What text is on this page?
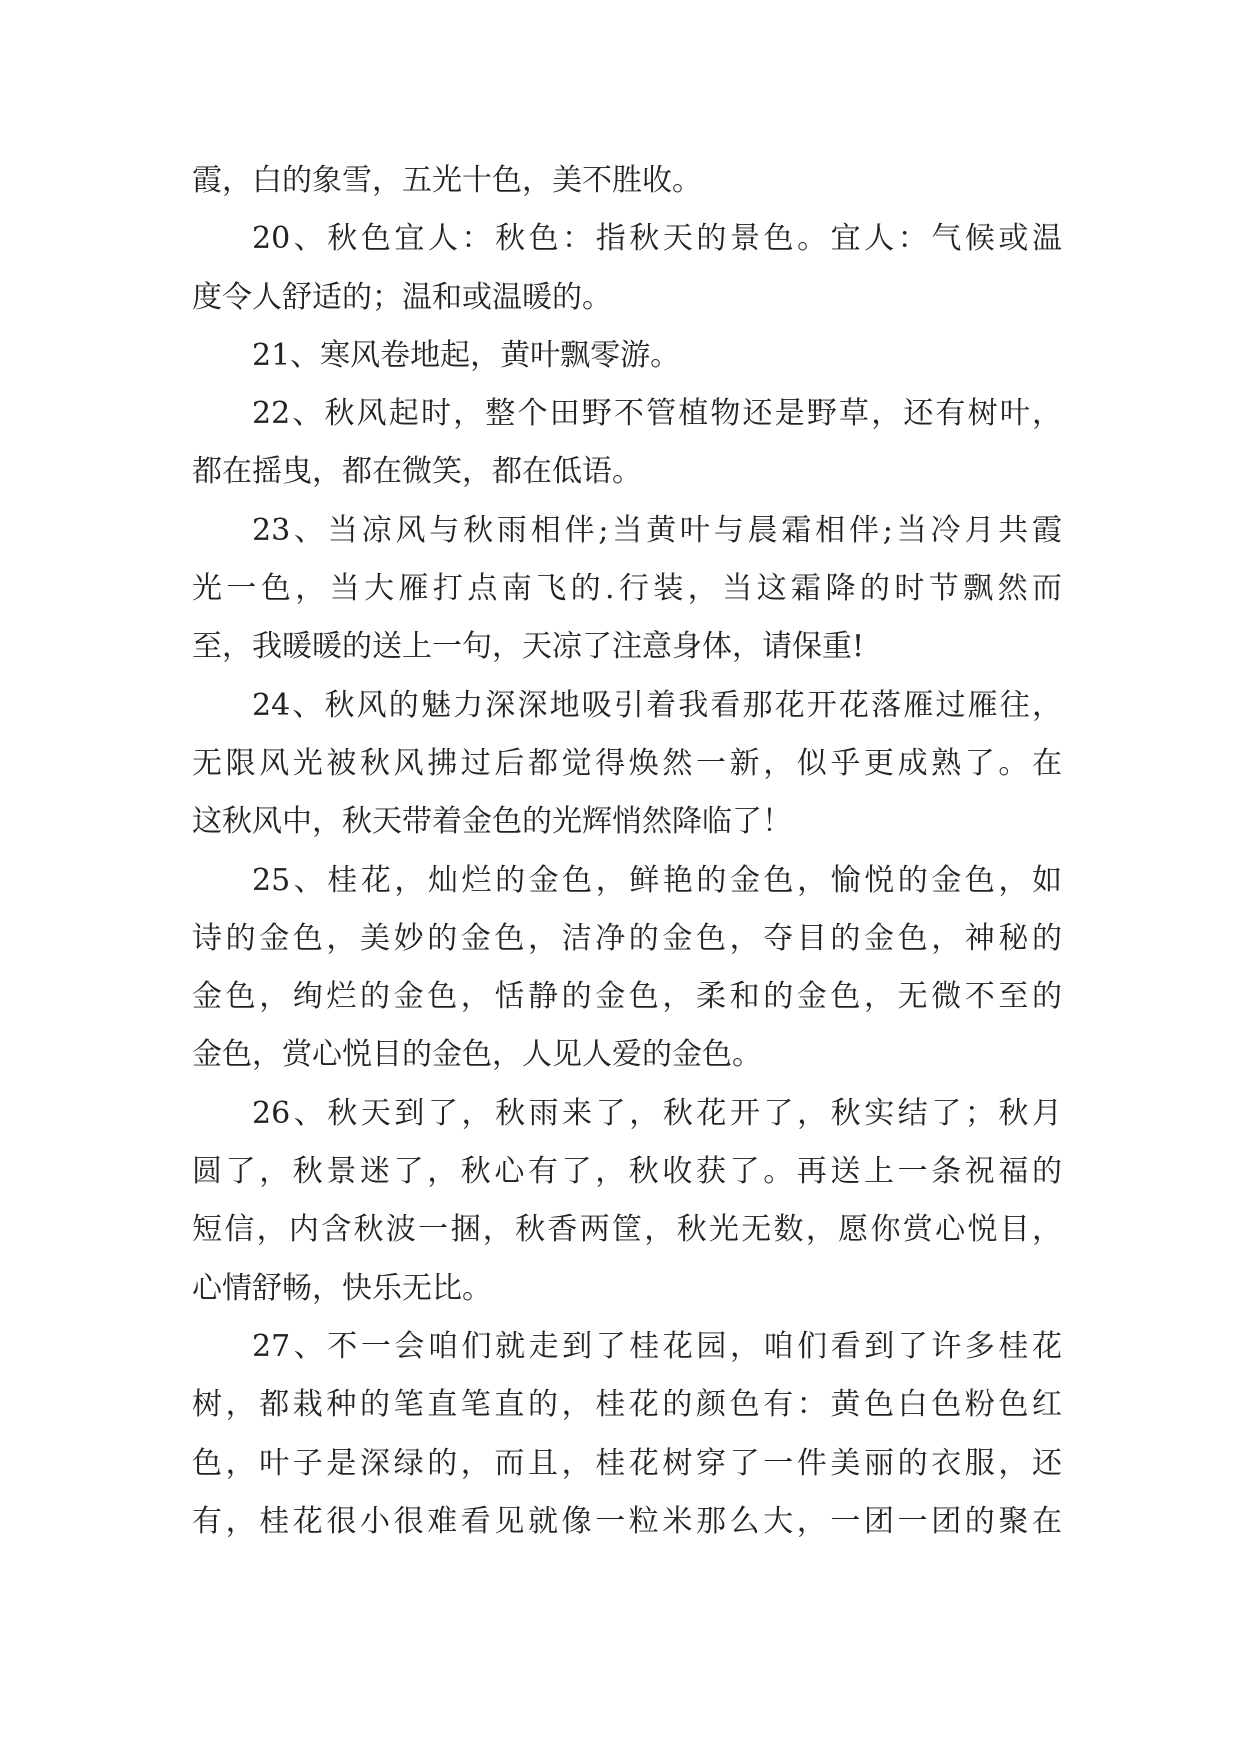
霞，白的象雪，五光十色，美不胜收。
20、秋色宜人：秋色：指秋天的景色。宜人：气候或温
度令人舒适的；温和或温暖的。
21、寒风卷地起，黄叶飘零游。
22、秋风起时，整个田野不管植物还是野草，还有树叶，
都在摇曳，都在微笑，都在低语。
23、当凉风与秋雨相伴;当黄叶与晨霜相伴;当冷月共霞
光一色，当大雁打点南飞的.行装，当这霜降的时节飘然而
至，我暖暖的送上一句，天凉了注意身体，请保重!
24、秋风的魅力深深地吸引着我看那花开花落雁过雁往，
无限风光被秋风拂过后都觉得焕然一新，似乎更成熟了。在
这秋风中，秋天带着金色的光辉悄然降临了！
25、桂花，灿烂的金色，鲜艳的金色，愉悦的金色，如
诗的金色，美妙的金色，洁净的金色，夺目的金色，神秘的
金色，绚烂的金色，恬静的金色，柔和的金色，无微不至的
金色，赏心悦目的金色，人见人爱的金色。
26、秋天到了，秋雨来了，秋花开了，秋实结了；秋月
圆了，秋景迷了，秋心有了，秋收获了。再送上一条祝福的
短信，内含秋波一捆，秋香两筐，秋光无数，愿你赏心悦目，
心情舒畅，快乐无比。
27、不一会咱们就走到了桂花园，咱们看到了许多桂花
树，都栽种的笔直笔直的，桂花的颜色有：黄色白色粉色红
色，叶子是深绿的，而且，桂花树穿了一件美丽的衣服，还
有，桂花很小很难看见就像一粒米那么大，一团一团的聚在
